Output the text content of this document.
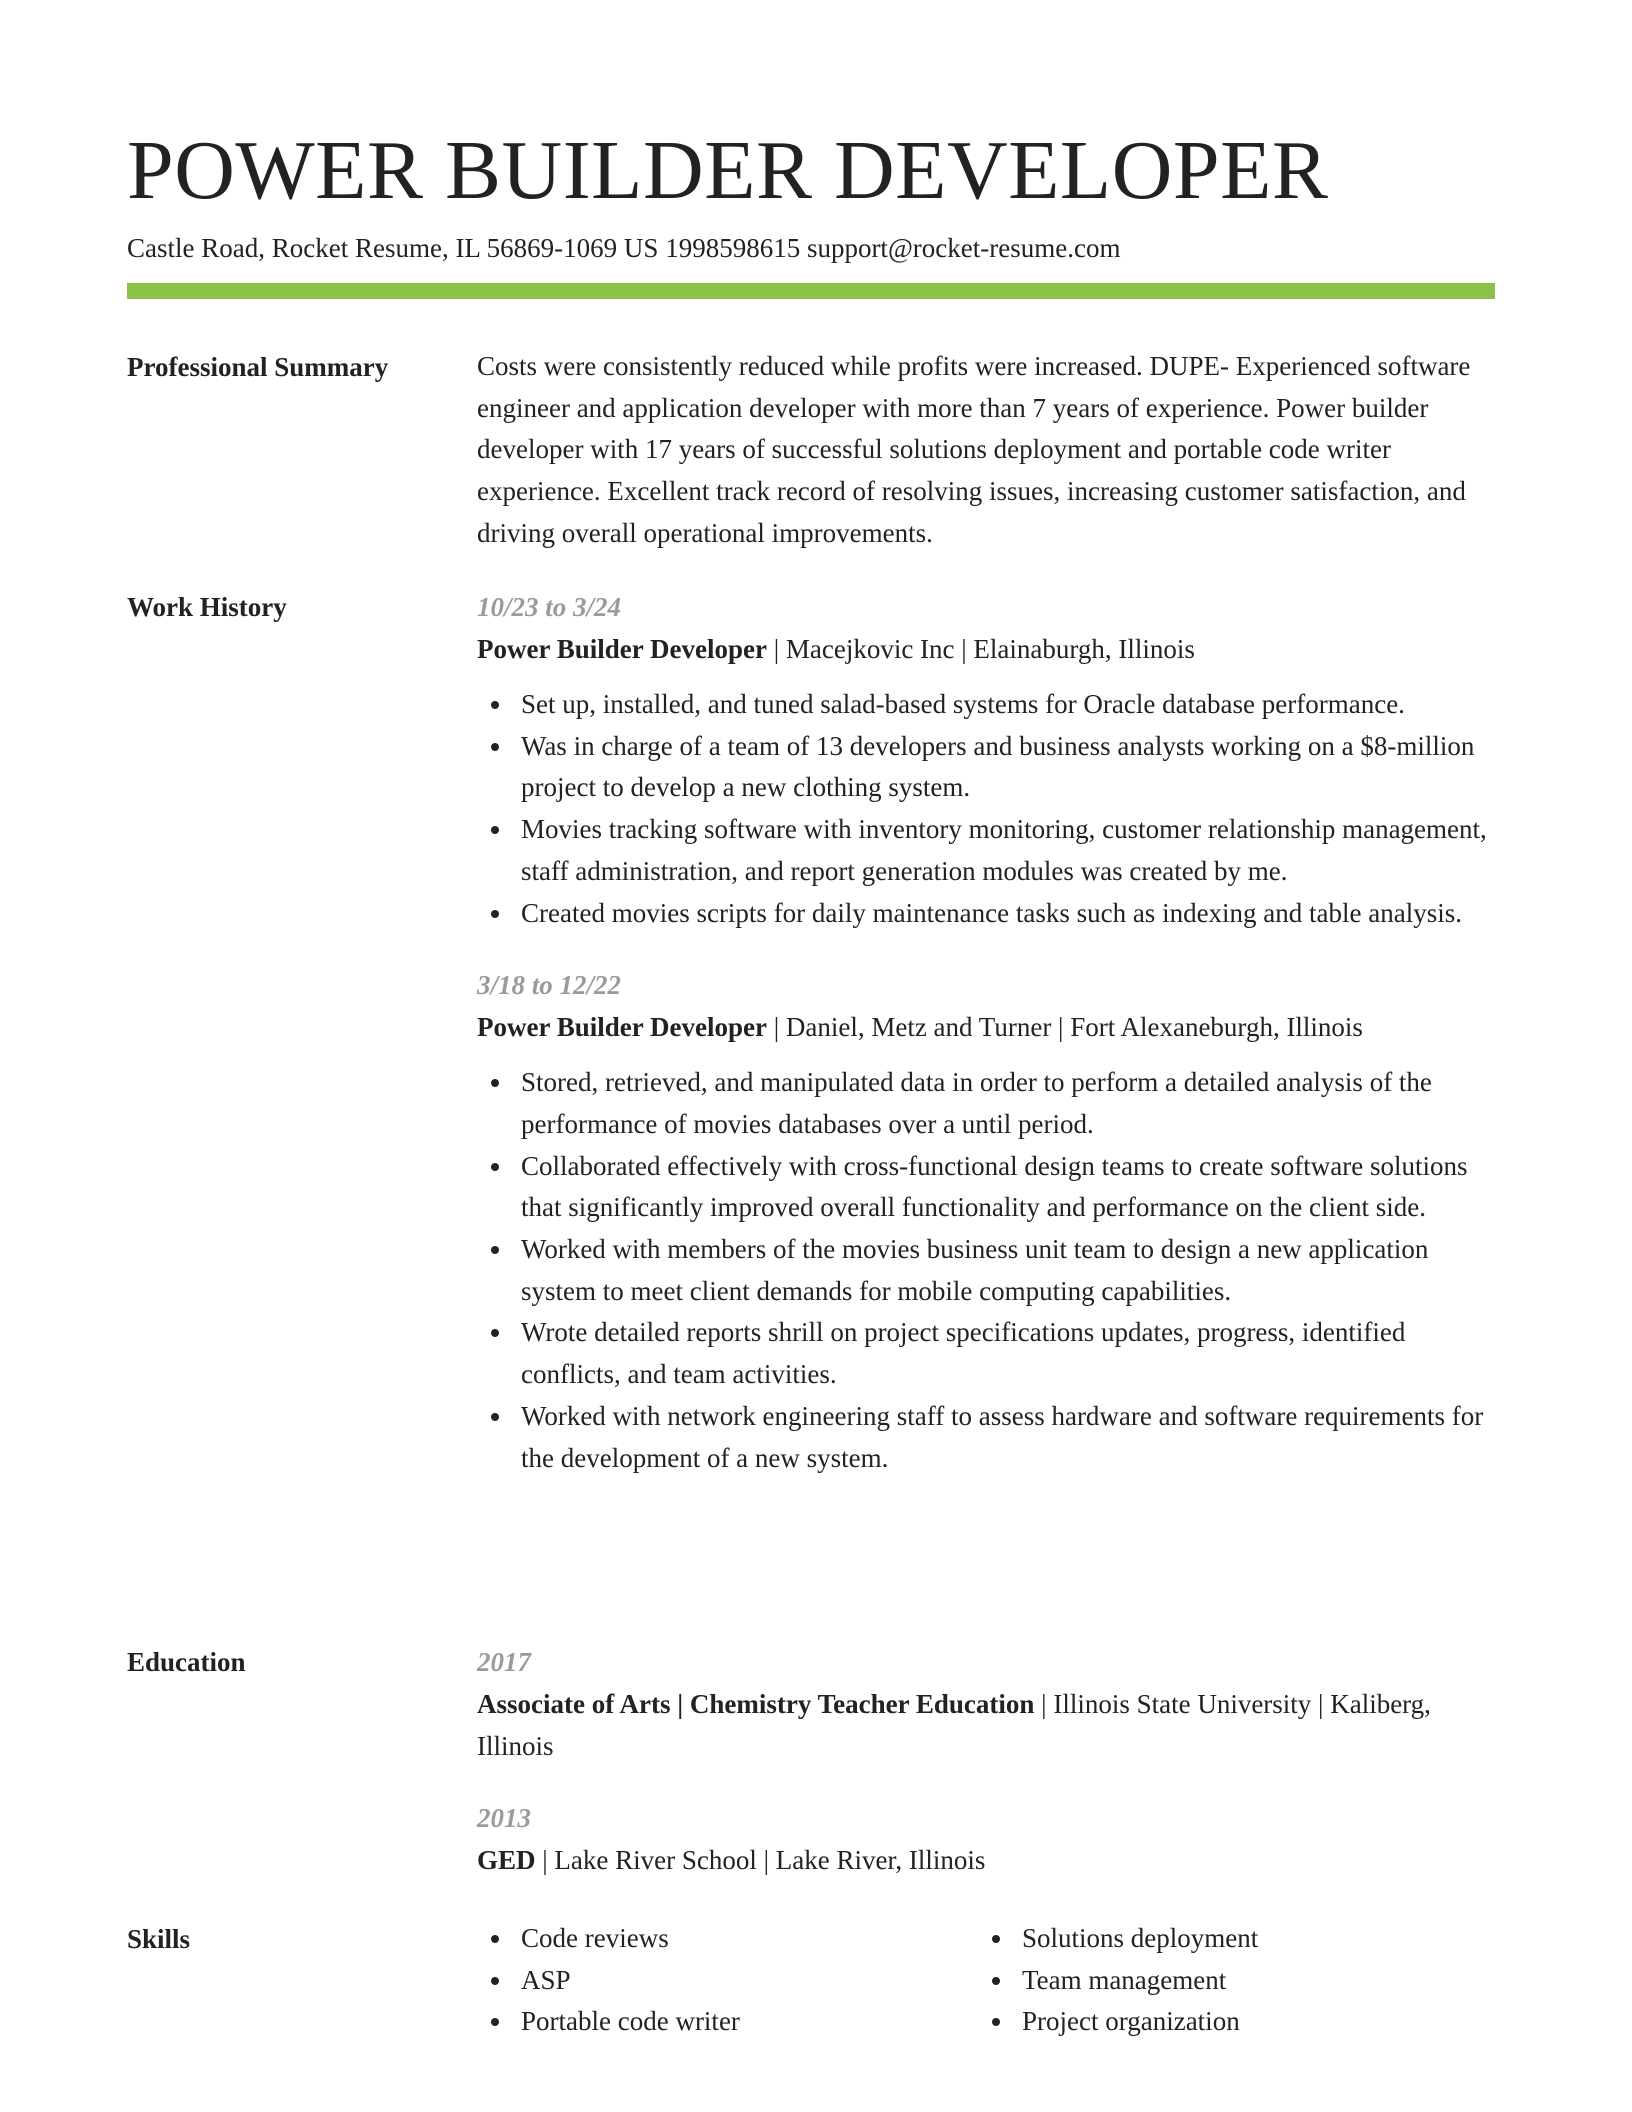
POWER BUILDER DEVELOPER
Castle Road, Rocket Resume, IL 56869-1069 US 1998598615 support@rocket-resume.com
Professional Summary	Costs were consistently reduced while profits were increased. DUPE- Experienced software engineer and application developer with more than 7 years of experience. Power builder developer with 17 years of successful solutions deployment and portable code writer experience. Excellent track record of resolving issues, increasing customer satisfaction, and driving overall operational improvements.

Work History	10/23 to 3/24
Power Builder Developer | Macejkovic Inc | Elainaburgh, Illinois
Set up, installed, and tuned salad-based systems for Oracle database performance.
Was in charge of a team of 13 developers and business analysts working on a $8-million project to develop a new clothing system.
Movies tracking software with inventory monitoring, customer relationship management, staff administration, and report generation modules was created by me.
Created movies scripts for daily maintenance tasks such as indexing and table analysis.
3/18 to 12/22
Power Builder Developer | Daniel, Metz and Turner | Fort Alexaneburgh, Illinois
Stored, retrieved, and manipulated data in order to perform a detailed analysis of the performance of movies databases over a until period.
Collaborated effectively with cross-functional design teams to create software solutions that significantly improved overall functionality and performance on the client side.
Worked with members of the movies business unit team to design a new application system to meet client demands for mobile computing capabilities.
Wrote detailed reports shrill on project specifications updates, progress, identified conflicts, and team activities.
Worked with network engineering staff to assess hardware and software requirements for the development of a new system.
Education	2017
Associate of Arts | Chemistry Teacher Education | Illinois State University | Kaliberg, Illinois
2013
GED | Lake River School | Lake River, Illinois
Skills	Code reviews
ASP
Portable code writer
Solutions deployment
Team management
Project organization
